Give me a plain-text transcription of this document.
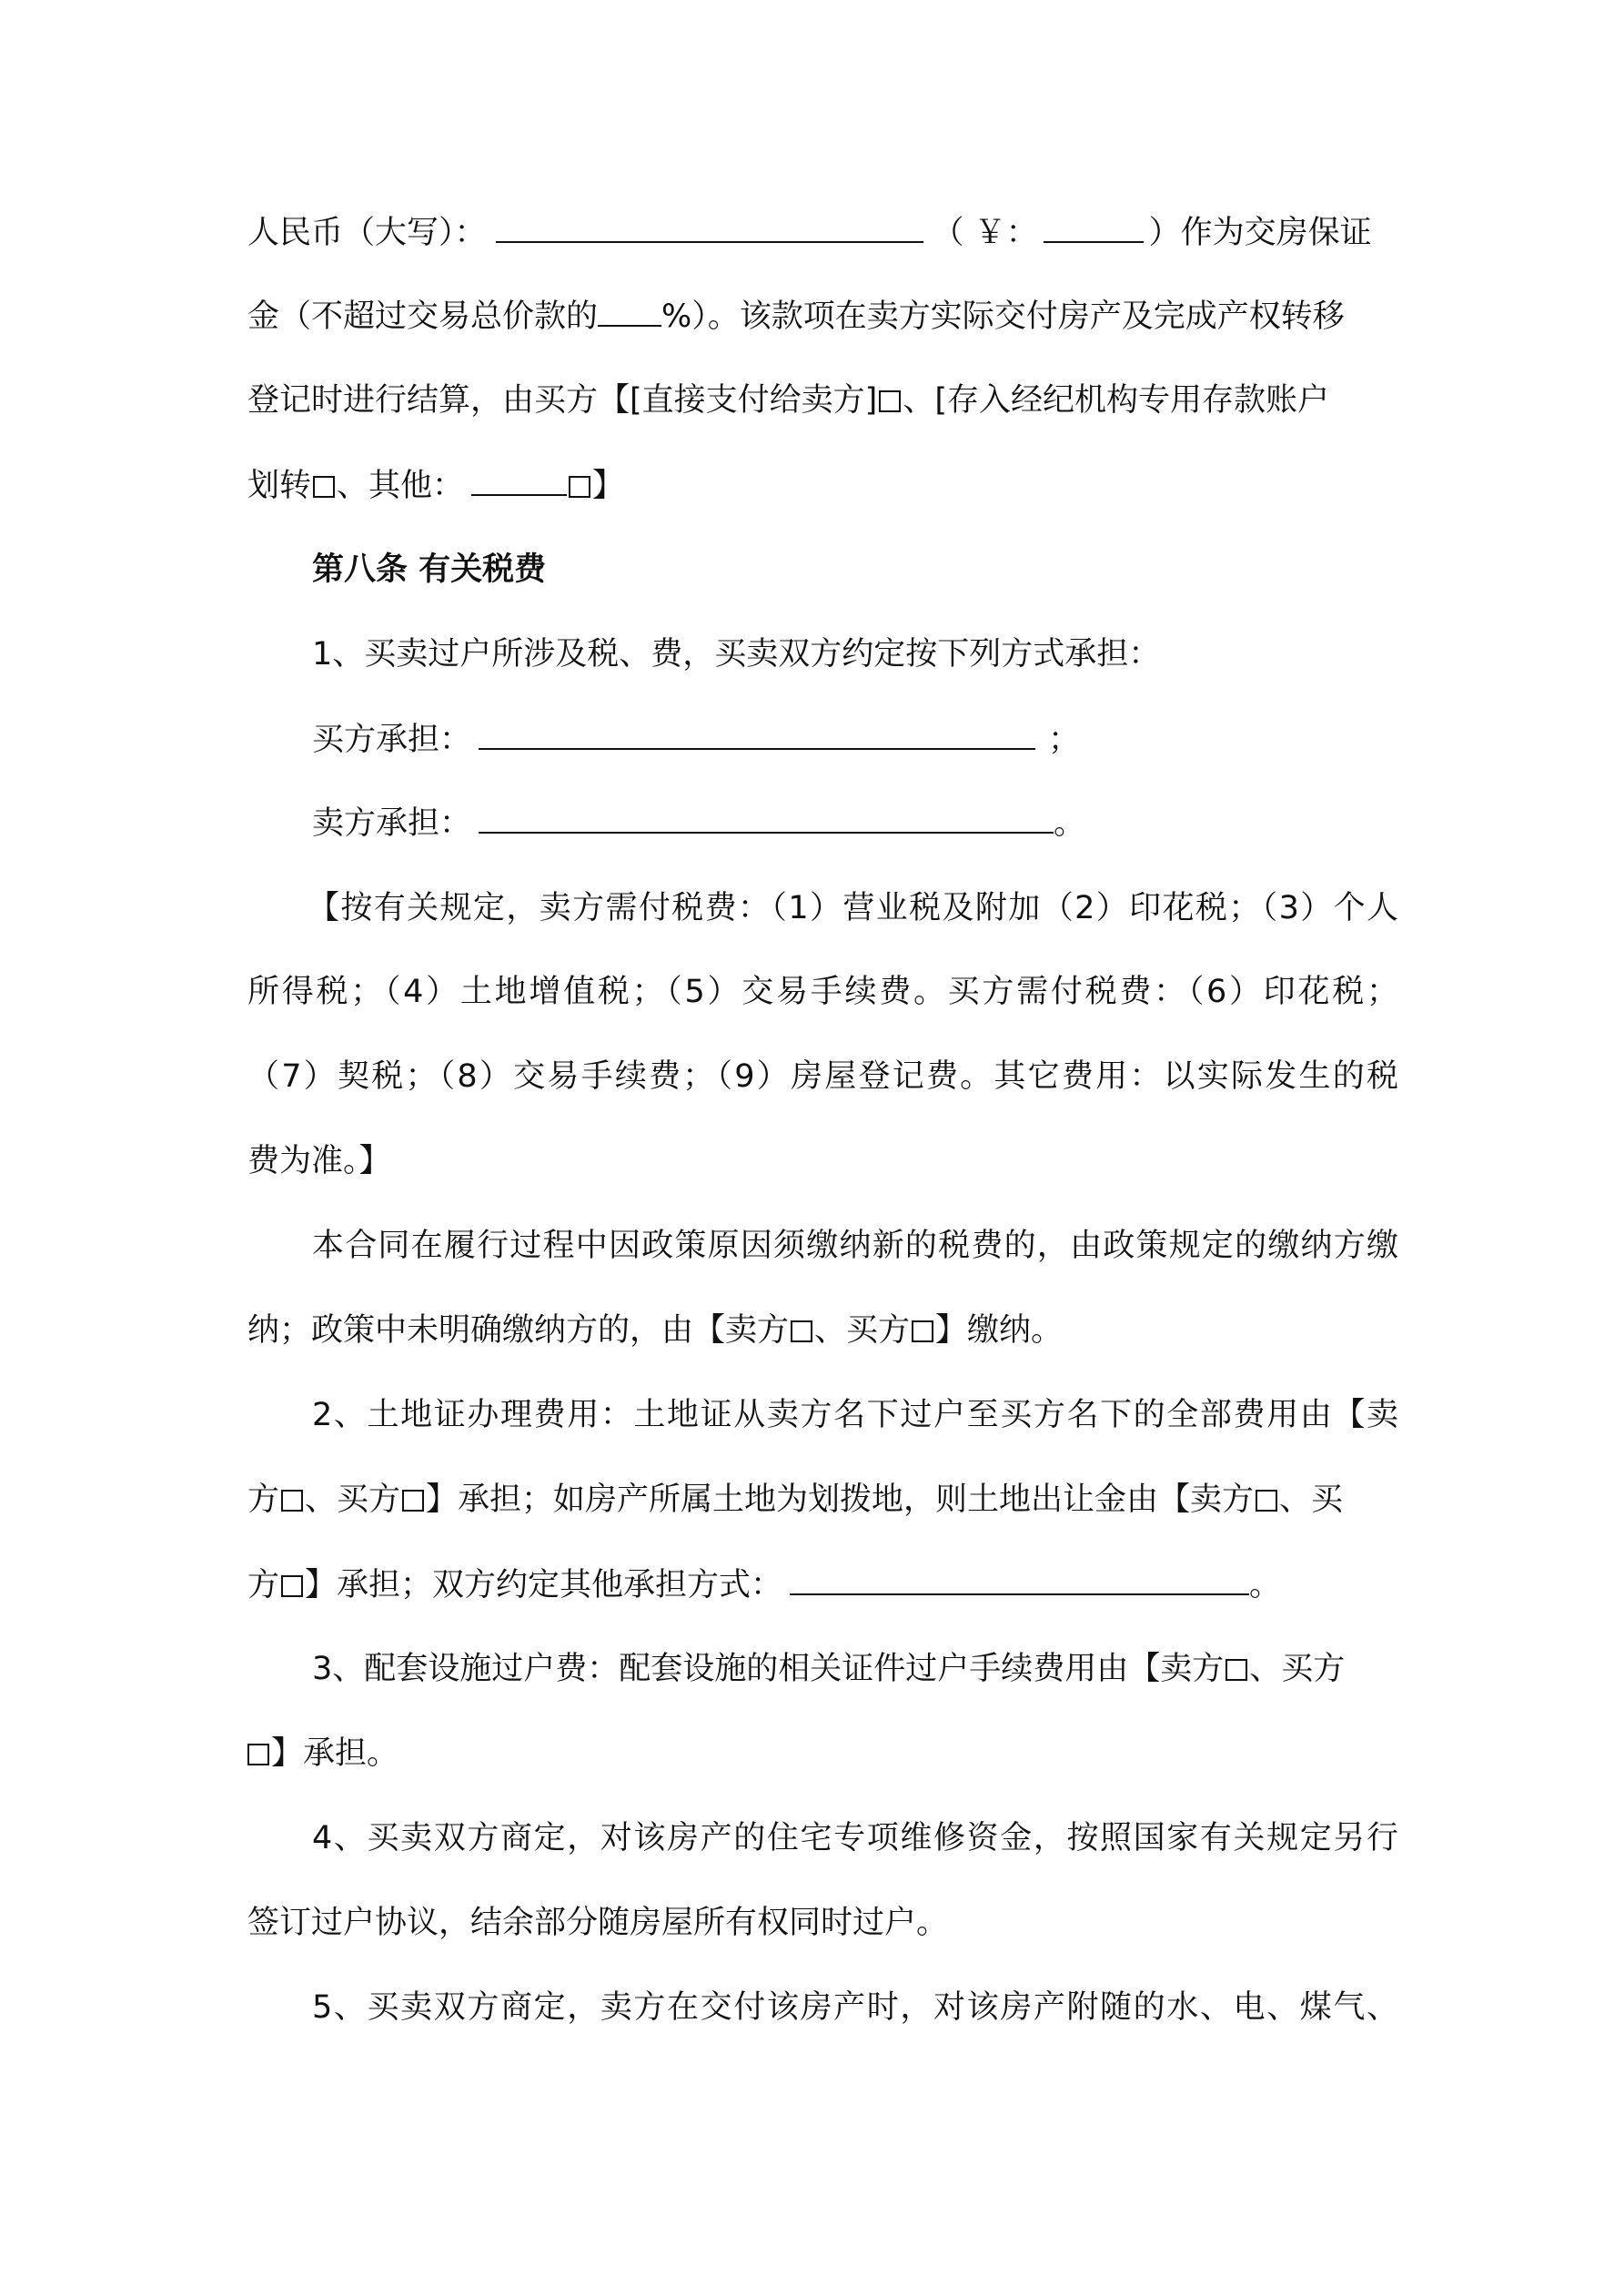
人民币（大写）：	（ ￥：	）作为交房保证
金（不超过交易总价款的 %）。该款项在卖方实际交付房产及完成产权转移
登记时进行结算，由买方【[直接支付给卖方] 、[存入经纪机构专用存款账户
划转 、其他：	】
第八条 有关税费
1、买卖过户所涉及税、费，买卖双方约定按下列方式承担：
买方承担：	；
卖方承担：	。
【按有关规定，卖方需付税费：（1）营业税及附加（2）印花税；（3）个人
所得税；（4）土地增值税；（5）交易手续费。买方需付税费：（6）印花税；
（7）契税；（8）交易手续费；（9）房屋登记费。其它费用：以实际发生的税
费为准。】
本合同在履行过程中因政策原因须缴纳新的税费的，由政策规定的缴纳方缴
纳；政策中未明确缴纳方的，由【卖方 、买方 】缴纳。
2、土地证办理费用：土地证从卖方名下过户至买方名下的全部费用由【卖
方 、买方 】承担；如房产所属土地为划拨地，则土地出让金由【卖方 、买
方 】承担；双方约定其他承担方式：	。
3、配套设施过户费：配套设施的相关证件过户手续费用由【卖方 、买方
】承担。
4、买卖双方商定，对该房产的住宅专项维修资金，按照国家有关规定另行
签订过户协议，结余部分随房屋所有权同时过户。
5、买卖双方商定，卖方在交付该房产时，对该房产附随的水、电、煤气、
